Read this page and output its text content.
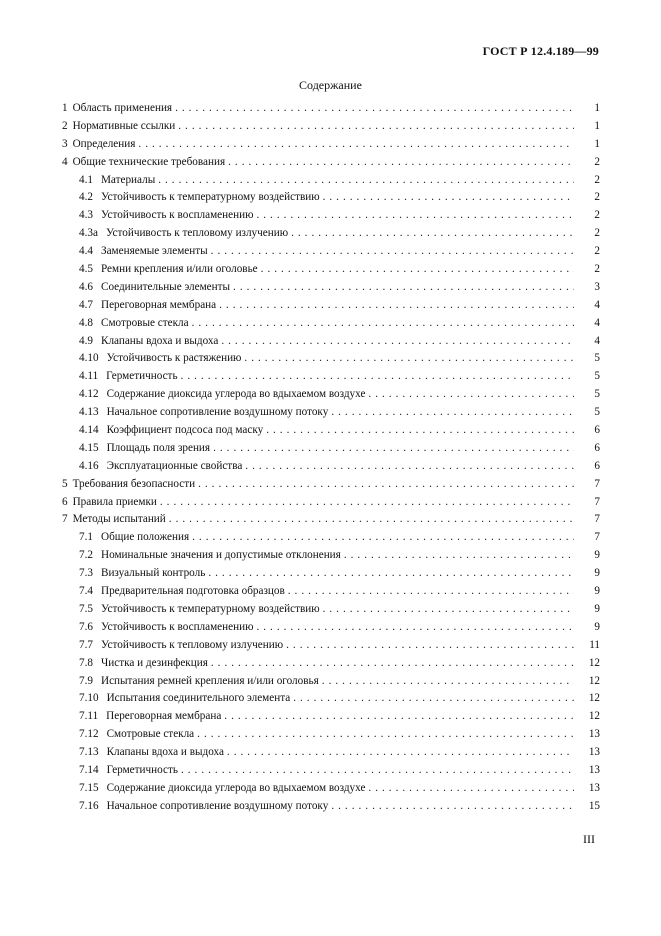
ГОСТ Р 12.4.189—99
Содержание
1 Область применения . . .	1
2 Нормативные ссылки . . .	1
3 Определения . . .	1
4 Общие технические требования . . .	2
4.1 Материалы . . .	2
4.2 Устойчивость к температурному воздействию . . .	2
4.3 Устойчивость к воспламенению . . .	2
4.3а Устойчивость к тепловому излучению . . .	2
4.4 Заменяемые элементы . . .	2
4.5 Ремни крепления и/или оголовье . . .	2
4.6 Соединительные элементы . . .	3
4.7 Переговорная мембрана . . .	4
4.8 Смотровые стекла . . .	4
4.9 Клапаны вдоха и выдоха . . .	4
4.10 Устойчивость к растяжению . . .	5
4.11 Герметичность . . .	5
4.12 Содержание диоксида углерода во вдыхаемом воздухе . . .	5
4.13 Начальное сопротивление воздушному потоку . . .	5
4.14 Коэффициент подсоса под маску . . .	6
4.15 Площадь поля зрения . . .	6
4.16 Эксплуатационные свойства . . .	6
5 Требования безопасности . . .	7
6 Правила приемки . . .	7
7 Методы испытаний . . .	7
7.1 Общие положения . . .	7
7.2 Номинальные значения и допустимые отклонения . . .	9
7.3 Визуальный контроль . . .	9
7.4 Предварительная подготовка образцов . . .	9
7.5 Устойчивость к температурному воздействию . . .	9
7.6 Устойчивость к воспламенению . . .	9
7.7 Устойчивость к тепловому излучению . . .	11
7.8 Чистка и дезинфекция . . .	12
7.9 Испытания ремней крепления и/или оголовья . . .	12
7.10 Испытания соединительного элемента . . .	12
7.11 Переговорная мембрана . . .	12
7.12 Смотровые стекла . . .	13
7.13 Клапаны вдоха и выдоха . . .	13
7.14 Герметичность . . .	13
7.15 Содержание диоксида углерода во вдыхаемом воздухе . . .	13
7.16 Начальное сопротивление воздушному потоку . . .	15
III
